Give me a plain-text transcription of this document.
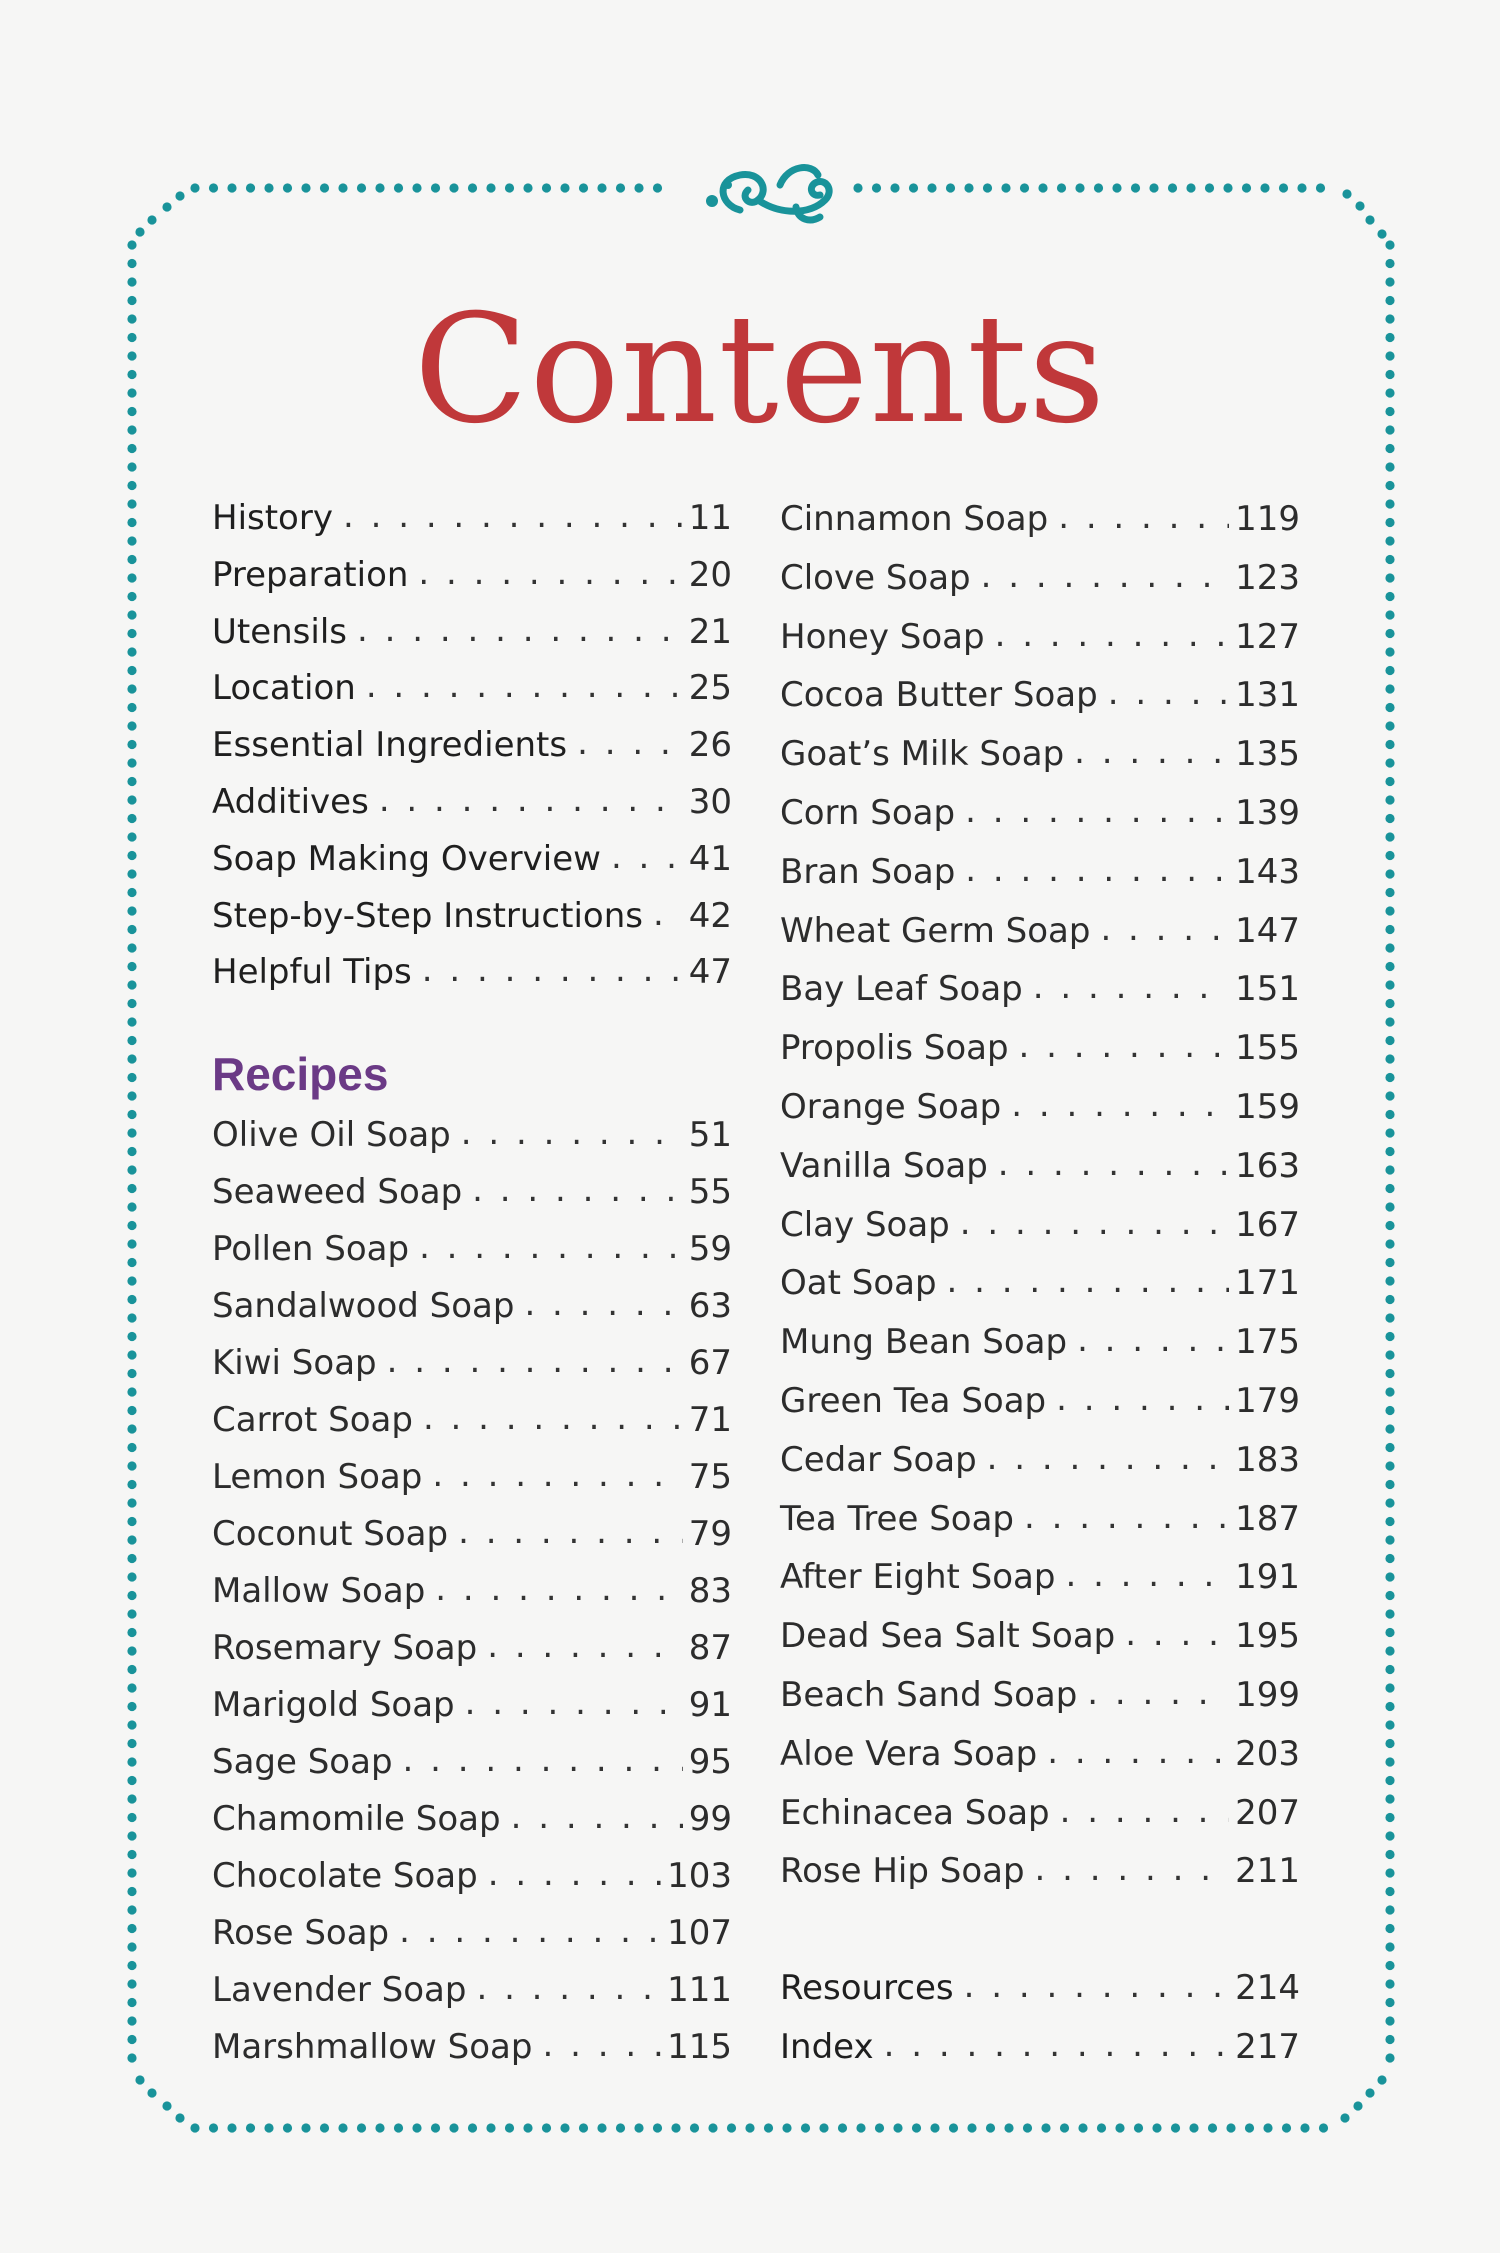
Contents
History . . .	11
Preparation . . .	20
Utensils . . .	21
Location . . .	25
Essential Ingredients . . .	26
Additives . . .	30
Soap Making Overview . . .	41
Step-by-Step Instructions . . . 42
Helpful Tips . . .	47
Recipes
Olive Oil Soap . . .	51
Seaweed Soap . . .	55
Pollen Soap . . .	59
Sandalwood Soap . . .	63
Kiwi Soap . . .	67
Carrot Soap . . .	71
Lemon Soap . . .	75
Coconut Soap . . .	79
Mallow Soap . . .	83
Rosemary Soap . . .	87
Marigold Soap . . .	91
Sage Soap . . .	95
Chamomile Soap . . .	99
Chocolate Soap . . .	103
Rose Soap . . .	107
Lavender Soap . . .	111
Marshmallow Soap . . .	115
Cinnamon Soap . . .	119
Clove Soap . . .	123
Honey Soap . . .	127
Cocoa Butter Soap . . .	131
Goat’s Milk Soap . . .	135
Corn Soap . . .	139
Bran Soap . . .	143
Wheat Germ Soap . . .	147
Bay Leaf Soap . . .	151
Propolis Soap . . .	155
Orange Soap . . .	159
Vanilla Soap . . .	163
Clay Soap . . .	167
Oat Soap . . .	171
Mung Bean Soap . . .	175
Green Tea Soap . . .	179
Cedar Soap . . .	183
Tea Tree Soap . . .	187
After Eight Soap . . .	191
Dead Sea Salt Soap . . .	195
Beach Sand Soap . . .	199
Aloe Vera Soap . . .	203
Echinacea Soap . . .	207
Rose Hip Soap . . .	211
Resources . . .	214
Index . . .	217
